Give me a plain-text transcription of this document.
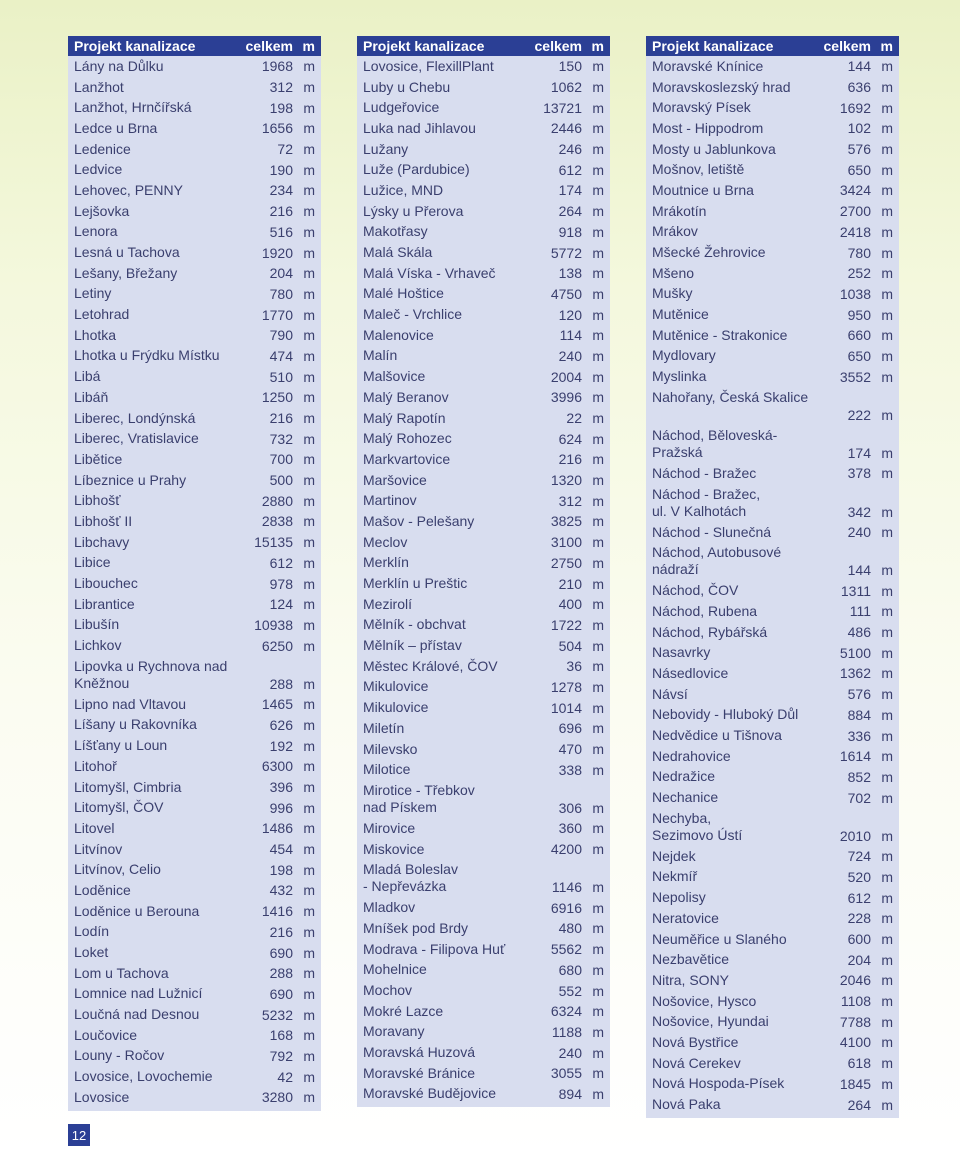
Projekt kanalizace	celkem m
Lány na Důlku	1968 m
Lanžhot	312 m
Lanžhot, Hrnčířská	198 m
Ledce u Brna	1656 m
Ledenice	72 m
Ledvice	190 m
Lehovec, PENNY	234 m
Lejšovka	216 m
Lenora	516 m
Lesná u Tachova	1920 m
Lešany, Břežany	204 m
Letiny	780 m
Letohrad	1770 m
Lhotka	790 m
Lhotka u Frýdku Místku	474 m
Libá	510 m
Libáň	1250 m
Liberec, Londýnská	216 m
Liberec, Vratislavice	732 m
Libětice	700 m
Líbeznice u Prahy	500 m
Libhošť	2880 m
Libhošť II	2838 m
Libchavy	15135 m
Libice	612 m
Libouchec	978 m
Librantice	124 m
Libušín	10938 m
Lichkov	6250 m
Lipovka u Rychnova nad
Kněžnou	288 m
Lipno nad Vltavou	1465 m
Líšany u Rakovníka	626 m
Líšťany u Loun	192 m
Litohoř	6300 m
Litomyšl, Cimbria	396 m
Litomyšl, ČOV	996 m
Litovel	1486 m
Litvínov	454 m
Litvínov, Celio	198 m
Loděnice	432 m
Loděnice u Berouna	1416 m
Lodín	216 m
Loket	690 m
Lom u Tachova	288 m
Lomnice nad Lužnicí	690 m
Loučná nad Desnou	5232 m
Loučovice	168 m
Louny - Ročov	792 m
Lovosice, Lovochemie	42 m
Lovosice	3280 m
Projekt kanalizace	celkem m
Lovosice, FlexillPlant	150 m
Luby u Chebu	1062 m
Ludgeřovice	13721 m
Luka nad Jihlavou	2446 m
Lužany	246 m
Luže (Pardubice)	612 m
Lužice, MND	174 m
Lýsky u Přerova	264 m
Makotřasy	918 m
Malá Skála	5772 m
Malá Víska - Vrhaveč	138 m
Malé Hoštice	4750 m
Maleč - Vrchlice	120 m
Malenovice	114 m
Malín	240 m
Malšovice	2004 m
Malý Beranov	3996 m
Malý Rapotín	22 m
Malý Rohozec	624 m
Markvartovice	216 m
Maršovice	1320 m
Martinov	312 m
Mašov - Pelešany	3825 m
Meclov	3100 m
Merklín	2750 m
Merklín u Preštic	210 m
Mezirolí	400 m
Mělník - obchvat	1722 m
Mělník – přístav	504 m
Městec Králové, ČOV	36 m
Mikulovice	1278 m
Mikulovice	1014 m
Miletín	696 m
Milevsko	470 m
Milotice	338 m
Mirotice - Třebkov
nad Pískem	306 m
Mirovice	360 m
Miskovice	4200 m
Mladá Boleslav
- Nepřevázka	1146 m
Mladkov	6916 m
Mníšek pod Brdy	480 m
Modrava - Filipova Huť	5562 m
Mohelnice	680 m
Mochov	552 m
Mokré Lazce	6324 m
Moravany	1188 m
Moravská Huzová	240 m
Moravské Bránice	3055 m
Moravské Budějovice	894 m
Projekt kanalizace	celkem m
Moravské Knínice	144 m
Moravskoslezský hrad	636 m
Moravský Písek	1692 m
Most - Hippodrom	102 m
Mosty u Jablunkova	576 m
Mošnov, letiště	650 m
Moutnice u Brna	3424 m
Mrákotín	2700 m
Mrákov	2418 m
Mšecké Žehrovice	780 m
Mšeno	252 m
Mušky	1038 m
Mutěnice	950 m
Mutěnice - Strakonice	660 m
Mydlovary	650 m
Myslinka	3552 m
Nahořany, Česká Skalice
222 m
Náchod, Běloveská-
Pražská	174 m
Náchod - Bražec	378 m
Náchod - Bražec,
ul. V Kalhotách	342 m
Náchod - Slunečná	240 m
Náchod, Autobusové
nádraží	144 m
Náchod, ČOV	1311 m
Náchod, Rubena	111 m
Náchod, Rybářská	486 m
Nasavrky	5100 m
Násedlovice	1362 m
Návsí	576 m
Nebovidy - Hluboký Důl	884 m
Nedvědice u Tišnova	336 m
Nedrahovice	1614 m
Nedražice	852 m
Nechanice	702 m
Nechyba,
Sezimovo Ústí	2010 m
Nejdek	724 m
Nekmíř	520 m
Nepolisy	612 m
Neratovice	228 m
Neuměřice u Slaného	600 m
Nezbavětice	204 m
Nitra, SONY	2046 m
Nošovice, Hysco	1108 m
Nošovice, Hyundai	7788 m
Nová Bystřice	4100 m
Nová Cerekev	618 m
Nová Hospoda-Písek	1845 m
Nová Paka	264 m
12
